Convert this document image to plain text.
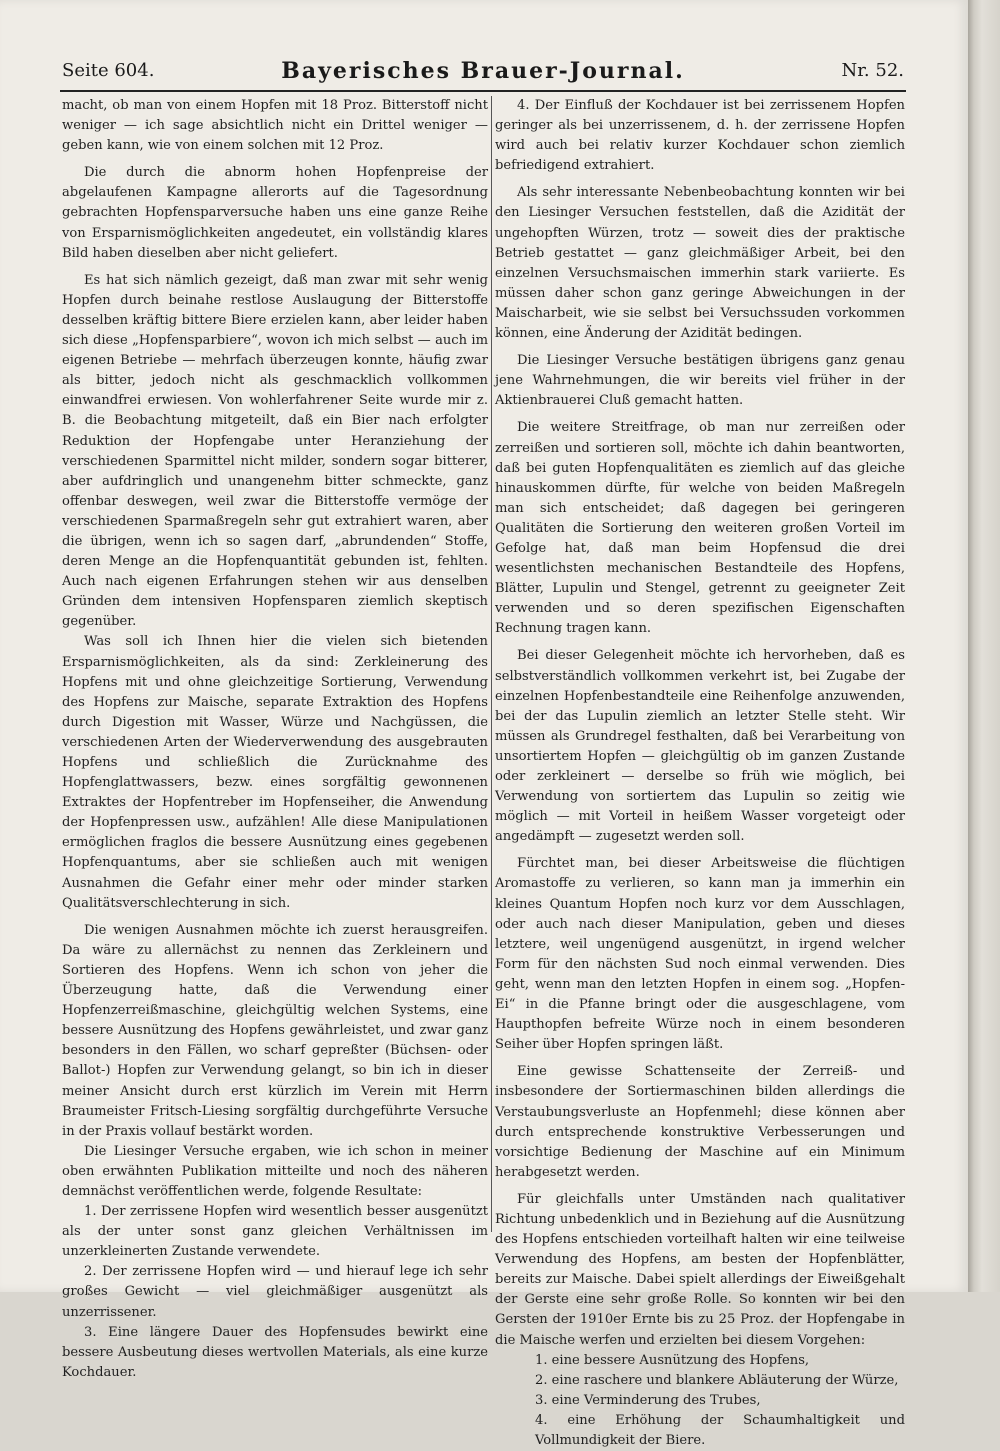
Seite 604.	Bayerisches Brauer-Journal.	Nr. 52.

macht, ob man von einem Hopfen mit 18 Proz. Bitterstoff nicht weniger — ich sage absichtlich nicht ein Drittel weniger — geben kann, wie von einem solchen mit 12 Proz.

Die durch die abnorm hohen Hopfenpreise der abgelaufenen Kampagne allerorts auf die Tagesordnung gebrachten Hopfensparversuche haben uns eine ganze Reihe von Ersparnismöglichkeiten angedeutet, ein vollständig klares Bild haben dieselben aber nicht geliefert.

Es hat sich nämlich gezeigt, daß man zwar mit sehr wenig Hopfen durch beinahe restlose Auslaugung der Bitterstoffe desselben kräftig bittere Biere erzielen kann, aber leider haben sich diese „Hopfensparbiere“, wovon ich mich selbst — auch im eigenen Betriebe — mehrfach überzeugen konnte, häufig zwar als bitter, jedoch nicht als geschmacklich vollkommen einwandfrei erwiesen. Von wohlerfahrener Seite wurde mir z. B. die Beobachtung mitgeteilt, daß ein Bier nach erfolgter Reduktion der Hopfengabe unter Heranziehung der verschiedenen Sparmittel nicht milder, sondern sogar bitterer, aber aufdringlich und unangenehm bitter schmeckte, ganz offenbar deswegen, weil zwar die Bitterstoffe vermöge der verschiedenen Sparmaßregeln sehr gut extrahiert waren, aber die übrigen, wenn ich so sagen darf, „abrundenden“ Stoffe, deren Menge an die Hopfenquantität gebunden ist, fehlten. Auch nach eigenen Erfahrungen stehen wir aus denselben Gründen dem intensiven Hopfensparen ziemlich skeptisch gegenüber.

Was soll ich Ihnen hier die vielen sich bietenden Ersparnismöglichkeiten, als da sind: Zerkleinerung des Hopfens mit und ohne gleichzeitige Sortierung, Verwendung des Hopfens zur Maische, separate Extraktion des Hopfens durch Digestion mit Wasser, Würze und Nachgüssen, die verschiedenen Arten der Wiederverwendung des ausgebrauten Hopfens und schließlich die Zurücknahme des Hopfenglattwassers, bezw. eines sorgfältig gewonnenen Extraktes der Hopfentreber im Hopfenseiher, die Anwendung der Hopfenpressen usw., aufzählen! Alle diese Manipulationen ermöglichen fraglos die bessere Ausnützung eines gegebenen Hopfenquantums, aber sie schließen auch mit wenigen Ausnahmen die Gefahr einer mehr oder minder starken Qualitätsverschlechterung in sich.

Die wenigen Ausnahmen möchte ich zuerst herausgreifen. Da wäre zu allernächst zu nennen das Zerkleinern und Sortieren des Hopfens. Wenn ich schon von jeher die Überzeugung hatte, daß die Verwendung einer Hopfenzerreißmaschine, gleichgültig welchen Systems, eine bessere Ausnützung des Hopfens gewährleistet, und zwar ganz besonders in den Fällen, wo scharf gepreßter (Büchsen- oder Ballot-) Hopfen zur Verwendung gelangt, so bin ich in dieser meiner Ansicht durch erst kürzlich im Verein mit Herrn Braumeister Fritsch-Liesing sorgfältig durchgeführte Versuche in der Praxis vollauf bestärkt worden.

Die Liesinger Versuche ergaben, wie ich schon in meiner oben erwähnten Publikation mitteilte und noch des näheren demnächst veröffentlichen werde, folgende Resultate:

1. Der zerrissene Hopfen wird wesentlich besser ausgenützt als der unter sonst ganz gleichen Verhältnissen im unzerkleinerten Zustande verwendete.

2. Der zerrissene Hopfen wird — und hierauf lege ich sehr großes Gewicht — viel gleichmäßiger ausgenützt als unzerrissener.

3. Eine längere Dauer des Hopfensudes bewirkt eine bessere Ausbeutung dieses wertvollen Materials, als eine kurze Kochdauer.

4. Der Einfluß der Kochdauer ist bei zerrissenem Hopfen geringer als bei unzerrissenem, d. h. der zerrissene Hopfen wird auch bei relativ kurzer Kochdauer schon ziemlich befriedigend extrahiert.

Als sehr interessante Nebenbeobachtung konnten wir bei den Liesinger Versuchen feststellen, daß die Azidität der ungehopften Würzen, trotz — soweit dies der praktische Betrieb gestattet — ganz gleichmäßiger Arbeit, bei den einzelnen Versuchsmaischen immerhin stark variierte. Es müssen daher schon ganz geringe Abweichungen in der Maischarbeit, wie sie selbst bei Versuchssuden vorkommen können, eine Änderung der Azidität bedingen.

Die Liesinger Versuche bestätigen übrigens ganz genau jene Wahrnehmungen, die wir bereits viel früher in der Aktienbrauerei Cluß gemacht hatten.

Die weitere Streitfrage, ob man nur zerreißen oder zerreißen und sortieren soll, möchte ich dahin beantworten, daß bei guten Hopfenqualitäten es ziemlich auf das gleiche hinauskommen dürfte, für welche von beiden Maßregeln man sich entscheidet; daß dagegen bei geringeren Qualitäten die Sortierung den weiteren großen Vorteil im Gefolge hat, daß man beim Hopfensud die drei wesentlichsten mechanischen Bestandteile des Hopfens, Blätter, Lupulin und Stengel, getrennt zu geeigneter Zeit verwenden und so deren spezifischen Eigenschaften Rechnung tragen kann.

Bei dieser Gelegenheit möchte ich hervorheben, daß es selbstverständlich vollkommen verkehrt ist, bei Zugabe der einzelnen Hopfenbestandteile eine Reihenfolge anzuwenden, bei der das Lupulin ziemlich an letzter Stelle steht. Wir müssen als Grundregel festhalten, daß bei Verarbeitung von unsortiertem Hopfen — gleichgültig ob im ganzen Zustande oder zerkleinert — derselbe so früh wie möglich, bei Verwendung von sortiertem das Lupulin so zeitig wie möglich — mit Vorteil in heißem Wasser vorgeteigt oder angedämpft — zugesetzt werden soll.

Fürchtet man, bei dieser Arbeitsweise die flüchtigen Aromastoffe zu verlieren, so kann man ja immerhin ein kleines Quantum Hopfen noch kurz vor dem Ausschlagen, oder auch nach dieser Manipulation, geben und dieses letztere, weil ungenügend ausgenützt, in irgend welcher Form für den nächsten Sud noch einmal verwenden. Dies geht, wenn man den letzten Hopfen in einem sog. „Hopfen-Ei“ in die Pfanne bringt oder die ausgeschlagene, vom Haupthopfen befreite Würze noch in einem besonderen Seiher über Hopfen springen läßt.

Eine gewisse Schattenseite der Zerreiß- und insbesondere der Sortiermaschinen bilden allerdings die Verstaubungsverluste an Hopfenmehl; diese können aber durch entsprechende konstruktive Verbesserungen und vorsichtige Bedienung der Maschine auf ein Minimum herabgesetzt werden.

Für gleichfalls unter Umständen nach qualitativer Richtung unbedenklich und in Beziehung auf die Ausnützung des Hopfens entschieden vorteilhaft halten wir eine teilweise Verwendung des Hopfens, am besten der Hopfenblätter, bereits zur Maische. Dabei spielt allerdings der Eiweißgehalt der Gerste eine sehr große Rolle. So konnten wir bei den Gersten der 1910er Ernte bis zu 25 Proz. der Hopfengabe in die Maische werfen und erzielten bei diesem Vorgehen:

1. eine bessere Ausnützung des Hopfens,
2. eine raschere und blankere Abläuterung der Würze,
3. eine Verminderung des Trubes,
4. eine Erhöhung der Schaumhaltigkeit und Vollmundigkeit der Biere.
